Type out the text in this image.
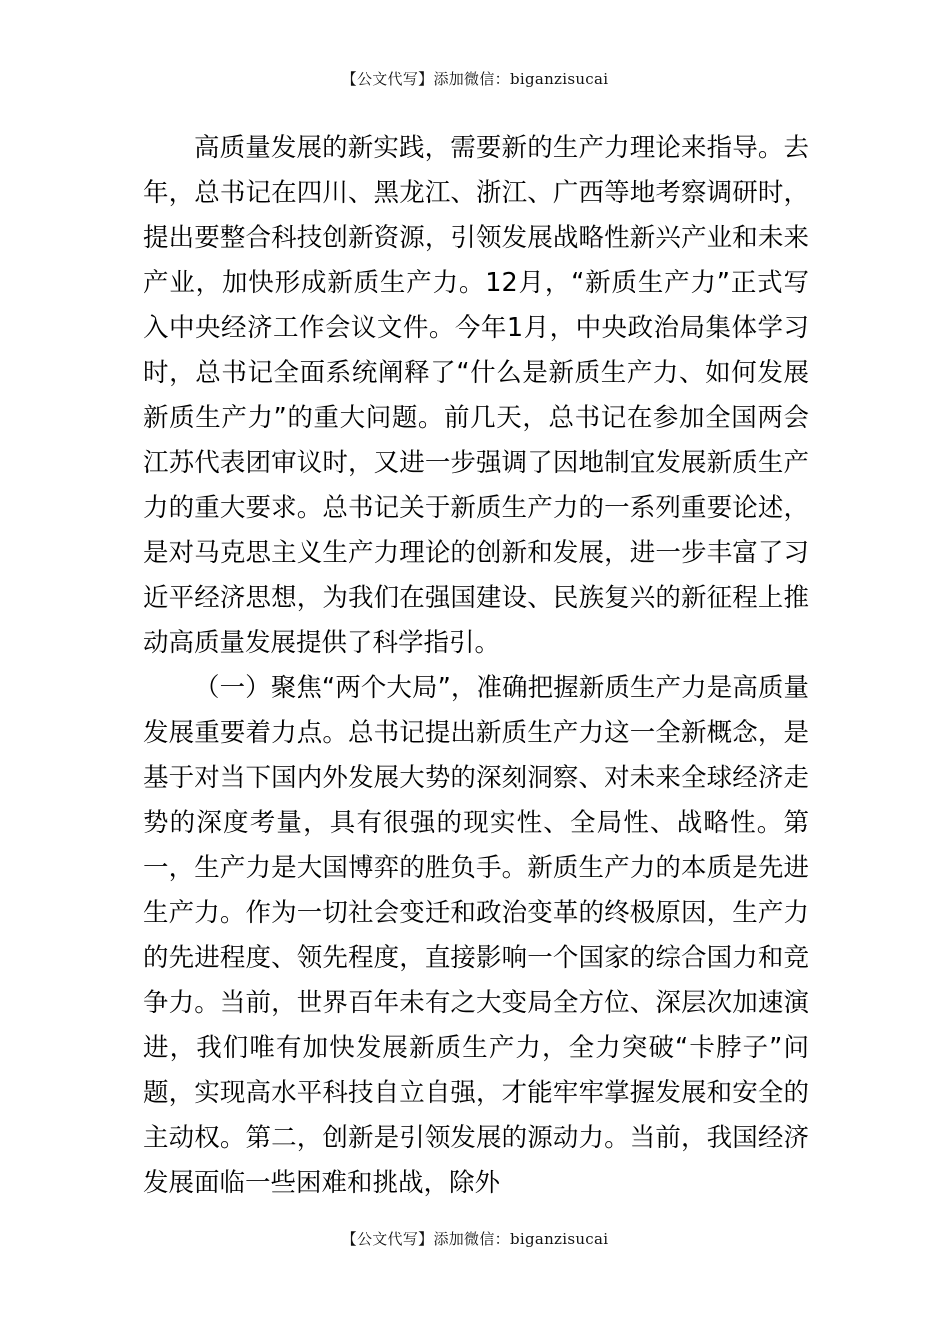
【公文代写】添加微信：biganzisucai

高质量发展的新实践，需要新的生产力理论来指导。去年，总书记在四川、黑龙江、浙江、广西等地考察调研时，提出要整合科技创新资源，引领发展战略性新兴产业和未来产业，加快形成新质生产力。12月，“新质生产力”正式写入中央经济工作会议文件。今年1月，中央政治局集体学习时，总书记全面系统阐释了“什么是新质生产力、如何发展新质生产力”的重大问题。前几天，总书记在参加全国两会江苏代表团审议时，又进一步强调了因地制宜发展新质生产力的重大要求。总书记关于新质生产力的一系列重要论述，是对马克思主义生产力理论的创新和发展，进一步丰富了习近平经济思想，为我们在强国建设、民族复兴的新征程上推动高质量发展提供了科学指引。

（一）聚焦“两个大局”，准确把握新质生产力是高质量发展重要着力点。总书记提出新质生产力这一全新概念，是基于对当下国内外发展大势的深刻洞察、对未来全球经济走势的深度考量，具有很强的现实性、全局性、战略性。第一，生产力是大国博弈的胜负手。新质生产力的本质是先进生产力。作为一切社会变迁和政治变革的终极原因，生产力的先进程度、领先程度，直接影响一个国家的综合国力和竞争力。当前，世界百年未有之大变局全方位、深层次加速演进，我们唯有加快发展新质生产力，全力突破“卡脖子”问题，实现高水平科技自立自强，才能牢牢掌握发展和安全的主动权。第二，创新是引领发展的源动力。当前，我国经济发展面临一些困难和挑战，除外

【公文代写】添加微信：biganzisucai
